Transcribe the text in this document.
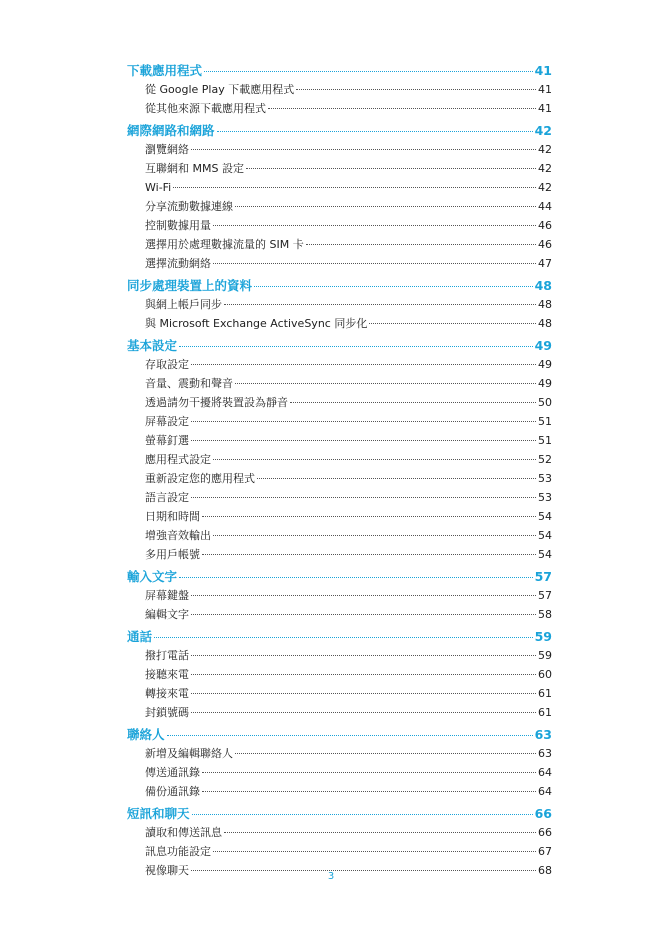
下載應用程式	41
從 Google Play 下載應用程式	41
從其他來源下載應用程式	41
網際網路和網路	42
瀏覽網絡	42
互聯網和 MMS 設定	42
Wi-Fi	42
分享流動數據連線	44
控制數據用量	46
選擇用於處理數據流量的 SIM 卡	46
選擇流動網絡	47
同步處理裝置上的資料	48
與網上帳戶同步	48
與 Microsoft Exchange ActiveSync 同步化	48
基本設定	49
存取設定	49
音量、震動和聲音	49
透過請勿干擾將裝置設為靜音	50
屏幕設定	51
螢幕釘選	51
應用程式設定	52
重新設定您的應用程式	53
語言設定	53
日期和時間	54
增強音效輸出	54
多用戶帳號	54
輸入文字	57
屏幕鍵盤	57
編輯文字	58
通話	59
撥打電話	59
接聽來電	60
轉接來電	61
封鎖號碼	61
聯絡人	63
新增及編輯聯絡人	63
傳送通訊錄	64
備份通訊錄	64
短訊和聊天	66
讀取和傳送訊息	66
訊息功能設定	67
視像聊天	68
3
